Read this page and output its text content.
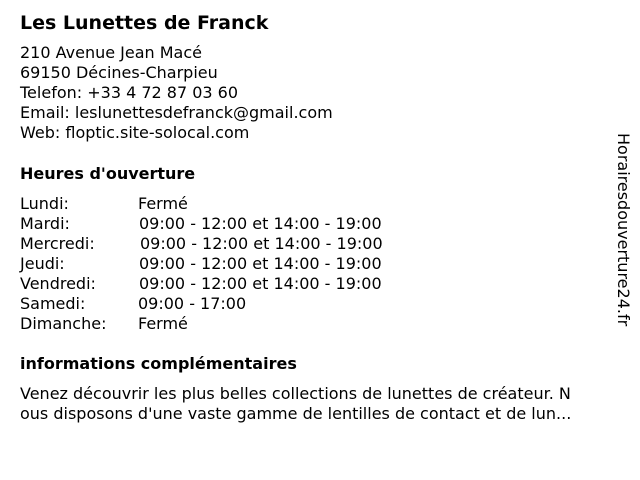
Les Lunettes de Franck
210 Avenue Jean Macé
69150 Décines-Charpieu
Telefon: +33 4 72 87 03 60
Email: leslunettesdefranck@gmail.com
Web: floptic.site-solocal.com
Heures d'ouverture
Lundi:	Fermé
Mardi:	09:00 - 12:00 et 14:00 - 19:00
Mercredi:	09:00 - 12:00 et 14:00 - 19:00
Jeudi:	09:00 - 12:00 et 14:00 - 19:00
Vendredi:	09:00 - 12:00 et 14:00 - 19:00
Samedi:	09:00 - 17:00
Dimanche: Fermé
informations complémentaires
Venez découvrir les plus belles collections de lunettes de créateur. N
ous disposons d'une vaste gamme de lentilles de contact et de lun...
Horairesdouverture24.fr
